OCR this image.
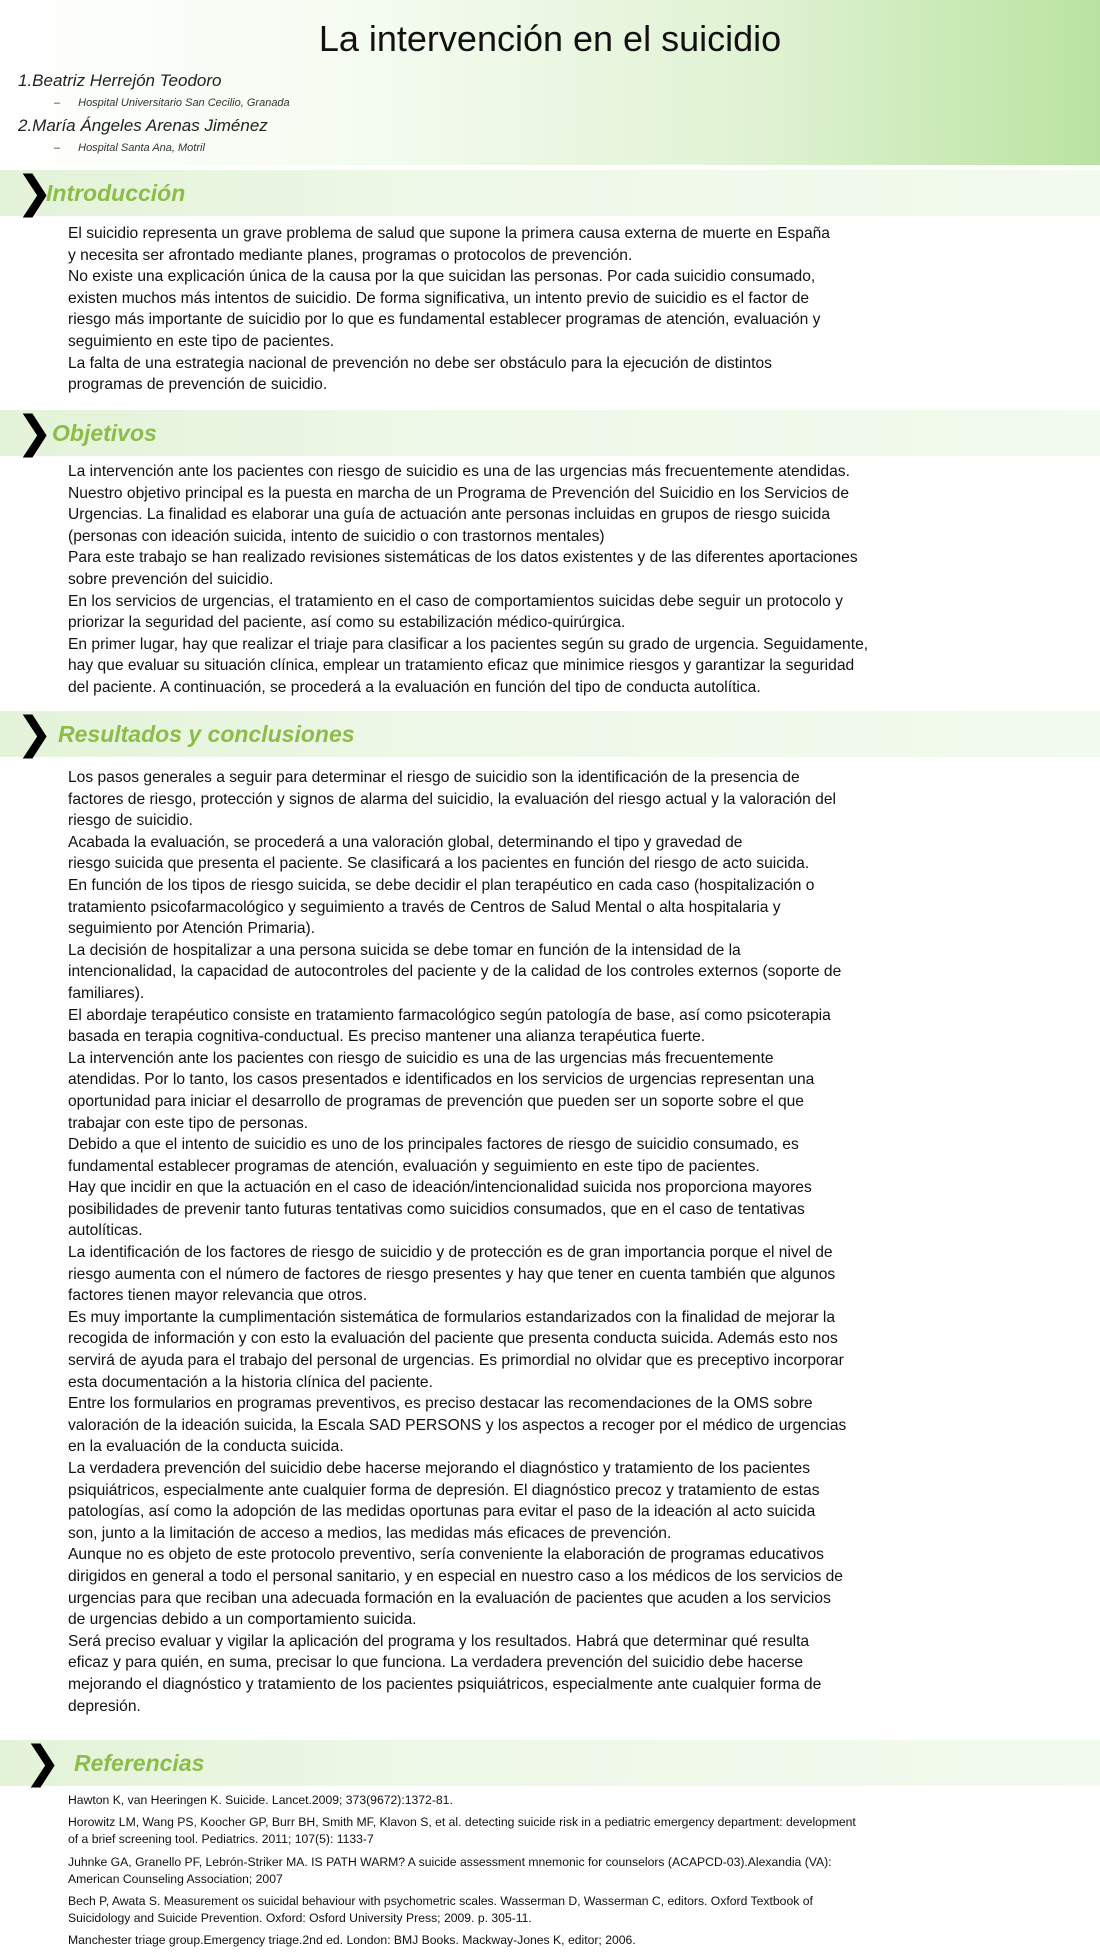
La intervención en el suicidio
1.Beatriz Herrejón Teodoro
– Hospital Universitario San Cecilio, Granada
2.María Ángeles Arenas Jiménez
– Hospital Santa Ana, Motril
❯
Introducción

El suicidio representa un grave problema de salud que supone la primera causa externa de muerte en España

y necesita ser afrontado mediante planes, programas o protocolos de prevención.

No existe una explicación única de la causa por la que suicidan las personas. Por cada suicidio consumado,

existen muchos más intentos de suicidio. De forma significativa, un intento previo de suicidio es el factor de

riesgo más importante de suicidio por lo que es fundamental establecer programas de atención, evaluación y

seguimiento en este tipo de pacientes.

La falta de una estrategia nacional de prevención no debe ser obstáculo para la ejecución de distintos

programas de prevención de suicidio.

❯ Objetivos

La intervención ante los pacientes con riesgo de suicidio es una de las urgencias más frecuentemente atendidas.

Nuestro objetivo principal es la puesta en marcha de un Programa de Prevención del Suicidio en los Servicios de

Urgencias. La finalidad es elaborar una guía de actuación ante personas incluidas en grupos de riesgo suicida

(personas con ideación suicida, intento de suicidio o con trastornos mentales)

Para este trabajo se han realizado revisiones sistemáticas de los datos existentes y de las diferentes aportaciones

sobre prevención del suicidio.

En los servicios de urgencias, el tratamiento en el caso de comportamientos suicidas debe seguir un protocolo y

priorizar la seguridad del paciente, así como su estabilización médico-quirúrgica.

En primer lugar, hay que realizar el triaje para clasificar a los pacientes según su grado de urgencia. Seguidamente,

hay que evaluar su situación clínica, emplear un tratamiento eficaz que minimice riesgos y garantizar la seguridad

del paciente. A continuación, se procederá a la evaluación en función del tipo de conducta autolítica.

❯ Resultados y conclusiones

Los pasos generales a seguir para determinar el riesgo de suicidio son la identificación de la presencia de

factores de riesgo, protección y signos de alarma del suicidio, la evaluación del riesgo actual y la valoración del

riesgo de suicidio.

Acabada la evaluación, se procederá a una valoración global, determinando el tipo y gravedad de

riesgo suicida que presenta el paciente. Se clasificará a los pacientes en función del riesgo de acto suicida.

En función de los tipos de riesgo suicida, se debe decidir el plan terapéutico en cada caso (hospitalización o

tratamiento psicofarmacológico y seguimiento a través de Centros de Salud Mental o alta hospitalaria y

seguimiento por Atención Primaria).

La decisión de hospitalizar a una persona suicida se debe tomar en función de la intensidad de la

intencionalidad, la capacidad de autocontroles del paciente y de la calidad de los controles externos (soporte de

familiares).

El abordaje terapéutico consiste en tratamiento farmacológico según patología de base, así como psicoterapia

basada en terapia cognitiva-conductual. Es preciso mantener una alianza terapéutica fuerte.

La intervención ante los pacientes con riesgo de suicidio es una de las urgencias más frecuentemente

atendidas. Por lo tanto, los casos presentados e identificados en los servicios de urgencias representan una

oportunidad para iniciar el desarrollo de programas de prevención que pueden ser un soporte sobre el que

trabajar con este tipo de personas.

Debido a que el intento de suicidio es uno de los principales factores de riesgo de suicidio consumado, es

fundamental establecer programas de atención, evaluación y seguimiento en este tipo de pacientes.

Hay que incidir en que la actuación en el caso de ideación/intencionalidad suicida nos proporciona mayores

posibilidades de prevenir tanto futuras tentativas como suicidios consumados, que en el caso de tentativas

autolíticas.

La identificación de los factores de riesgo de suicidio y de protección es de gran importancia porque el nivel de

riesgo aumenta con el número de factores de riesgo presentes y hay que tener en cuenta también que algunos

factores tienen mayor relevancia que otros.

Es muy importante la cumplimentación sistemática de formularios estandarizados con la finalidad de mejorar la

recogida de información y con esto la evaluación del paciente que presenta conducta suicida. Además esto nos

servirá de ayuda para el trabajo del personal de urgencias. Es primordial no olvidar que es preceptivo incorporar

esta documentación a la historia clínica del paciente.

Entre los formularios en programas preventivos, es preciso destacar las recomendaciones de la OMS sobre

valoración de la ideación suicida, la Escala SAD PERSONS y los aspectos a recoger por el médico de urgencias

en la evaluación de la conducta suicida.

La verdadera prevención del suicidio debe hacerse mejorando el diagnóstico y tratamiento de los pacientes

psiquiátricos, especialmente ante cualquier forma de depresión. El diagnóstico precoz y tratamiento de estas

patologías, así como la adopción de las medidas oportunas para evitar el paso de la ideación al acto suicida

son, junto a la limitación de acceso a medios, las medidas más eficaces de prevención.

Aunque no es objeto de este protocolo preventivo, sería conveniente la elaboración de programas educativos

dirigidos en general a todo el personal sanitario, y en especial en nuestro caso a los médicos de los servicios de

urgencias para que reciban una adecuada formación en la evaluación de pacientes que acuden a los servicios

de urgencias debido a un comportamiento suicida.

Será preciso evaluar y vigilar la aplicación del programa y los resultados. Habrá que determinar qué resulta

eficaz y para quién, en suma, precisar lo que funciona. La verdadera prevención del suicidio debe hacerse

mejorando el diagnóstico y tratamiento de los pacientes psiquiátricos, especialmente ante cualquier forma de

depresión.

❯ Referencias

Hawton K, van Heeringen K. Suicide. Lancet.2009; 373(9672):1372-81.

Horowitz LM, Wang PS, Koocher GP, Burr BH, Smith MF, Klavon S, et al. detecting suicide risk in a pediatric emergency department: development

of a brief screening tool. Pediatrics. 2011; 107(5): 1133-7

Juhnke GA, Granello PF, Lebrón-Striker MA. IS PATH WARM? A suicide assessment mnemonic for counselors (ACAPCD-03).Alexandia (VA):

American Counseling Association; 2007

Bech P, Awata S. Measurement os suicidal behaviour with psychometric scales. Wasserman D, Wasserman C, editors. Oxford Textbook of

Suicidology and Suicide Prevention. Oxford: Osford University Press; 2009. p. 305-11.

Manchester triage group.Emergency triage.2nd ed. London: BMJ Books. Mackway-Jones K, editor; 2006.
